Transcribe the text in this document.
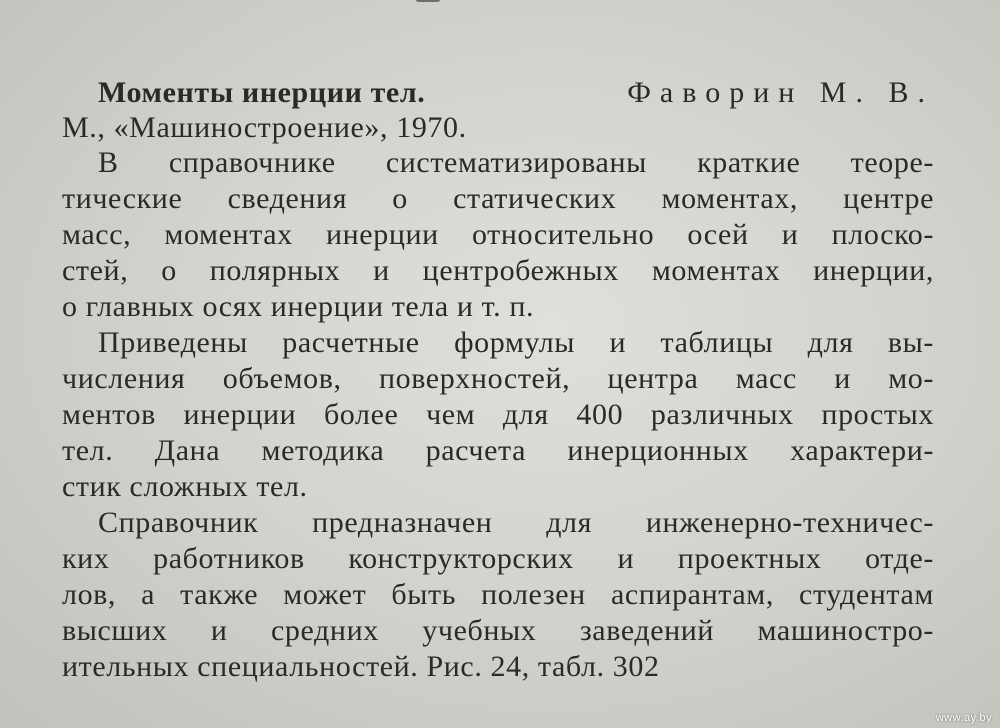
Моменты инерции тел.	Фаворин М. В.

М., «Машиностроение», 1970.

В справочнике систематизированы краткие теоре-

тические сведения о статических моментах, центре

масс, моментах инерции относительно осей и плоско-

стей, о полярных и центробежных моментах инерции,

о главных осях инерции тела и т. п.

Приведены расчетные формулы и таблицы для вы-

числения объемов, поверхностей, центра масс и мо-

ментов инерции более чем для 400 различных простых

тел. Дана методика расчета инерционных характери-

стик сложных тел.

Справочник предназначен для инженерно-техничес-

ких работников конструкторских и проектных отде-

лов, а также может быть полезен аспирантам, студентам

высших и средних учебных заведений машиностро-

ительных специальностей. Рис. 24, табл. 302

www.ay.by
